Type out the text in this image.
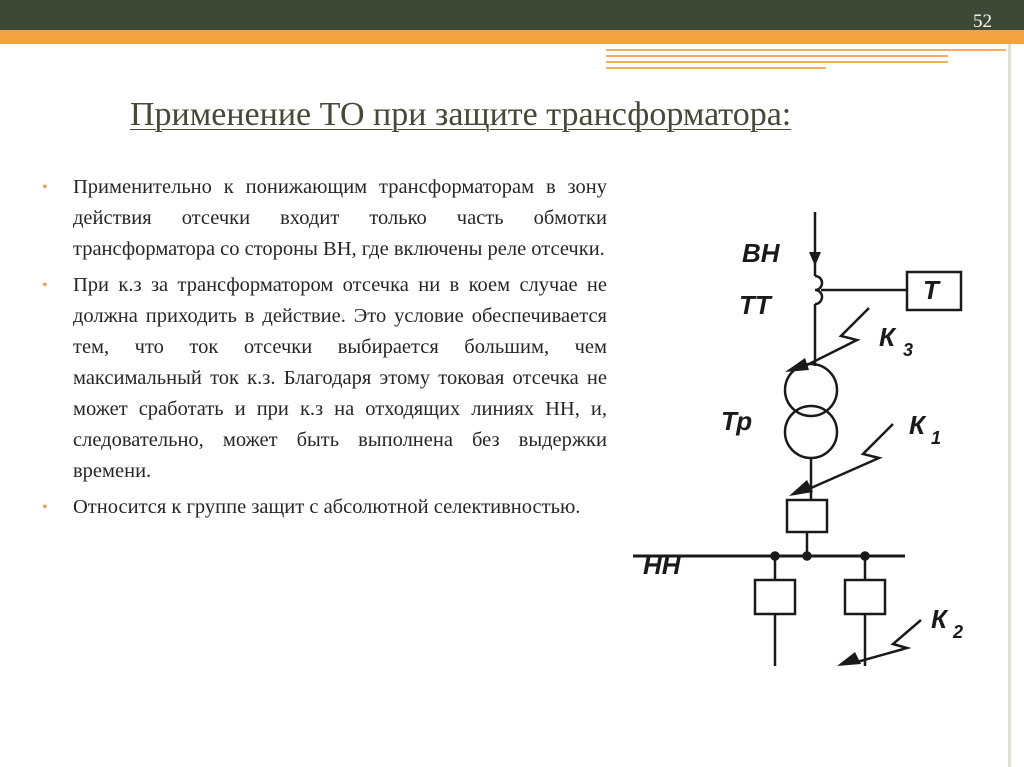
52
Применение ТО при защите трансформатора:
• Применительно к понижающим трансформаторам в зону действия отсечки входит только часть обмотки трансформатора со стороны ВН, где включены реле отсечки.
• При к.з за трансформатором отсечка ни в коем случае не должна приходить в действие. Это условие обеспечивается тем, что ток отсечки выбирается большим, чем максимальный ток к.з. Благодаря этому токовая отсечка не может сработать и при к.з на отходящих линиях НН, и, следовательно, может быть выполнена без выдержки времени.
• Относится к группе защит с абсолютной селективностью.
ВН
ТТ	Т
К 3
Тр	К 1
НН
К 2
